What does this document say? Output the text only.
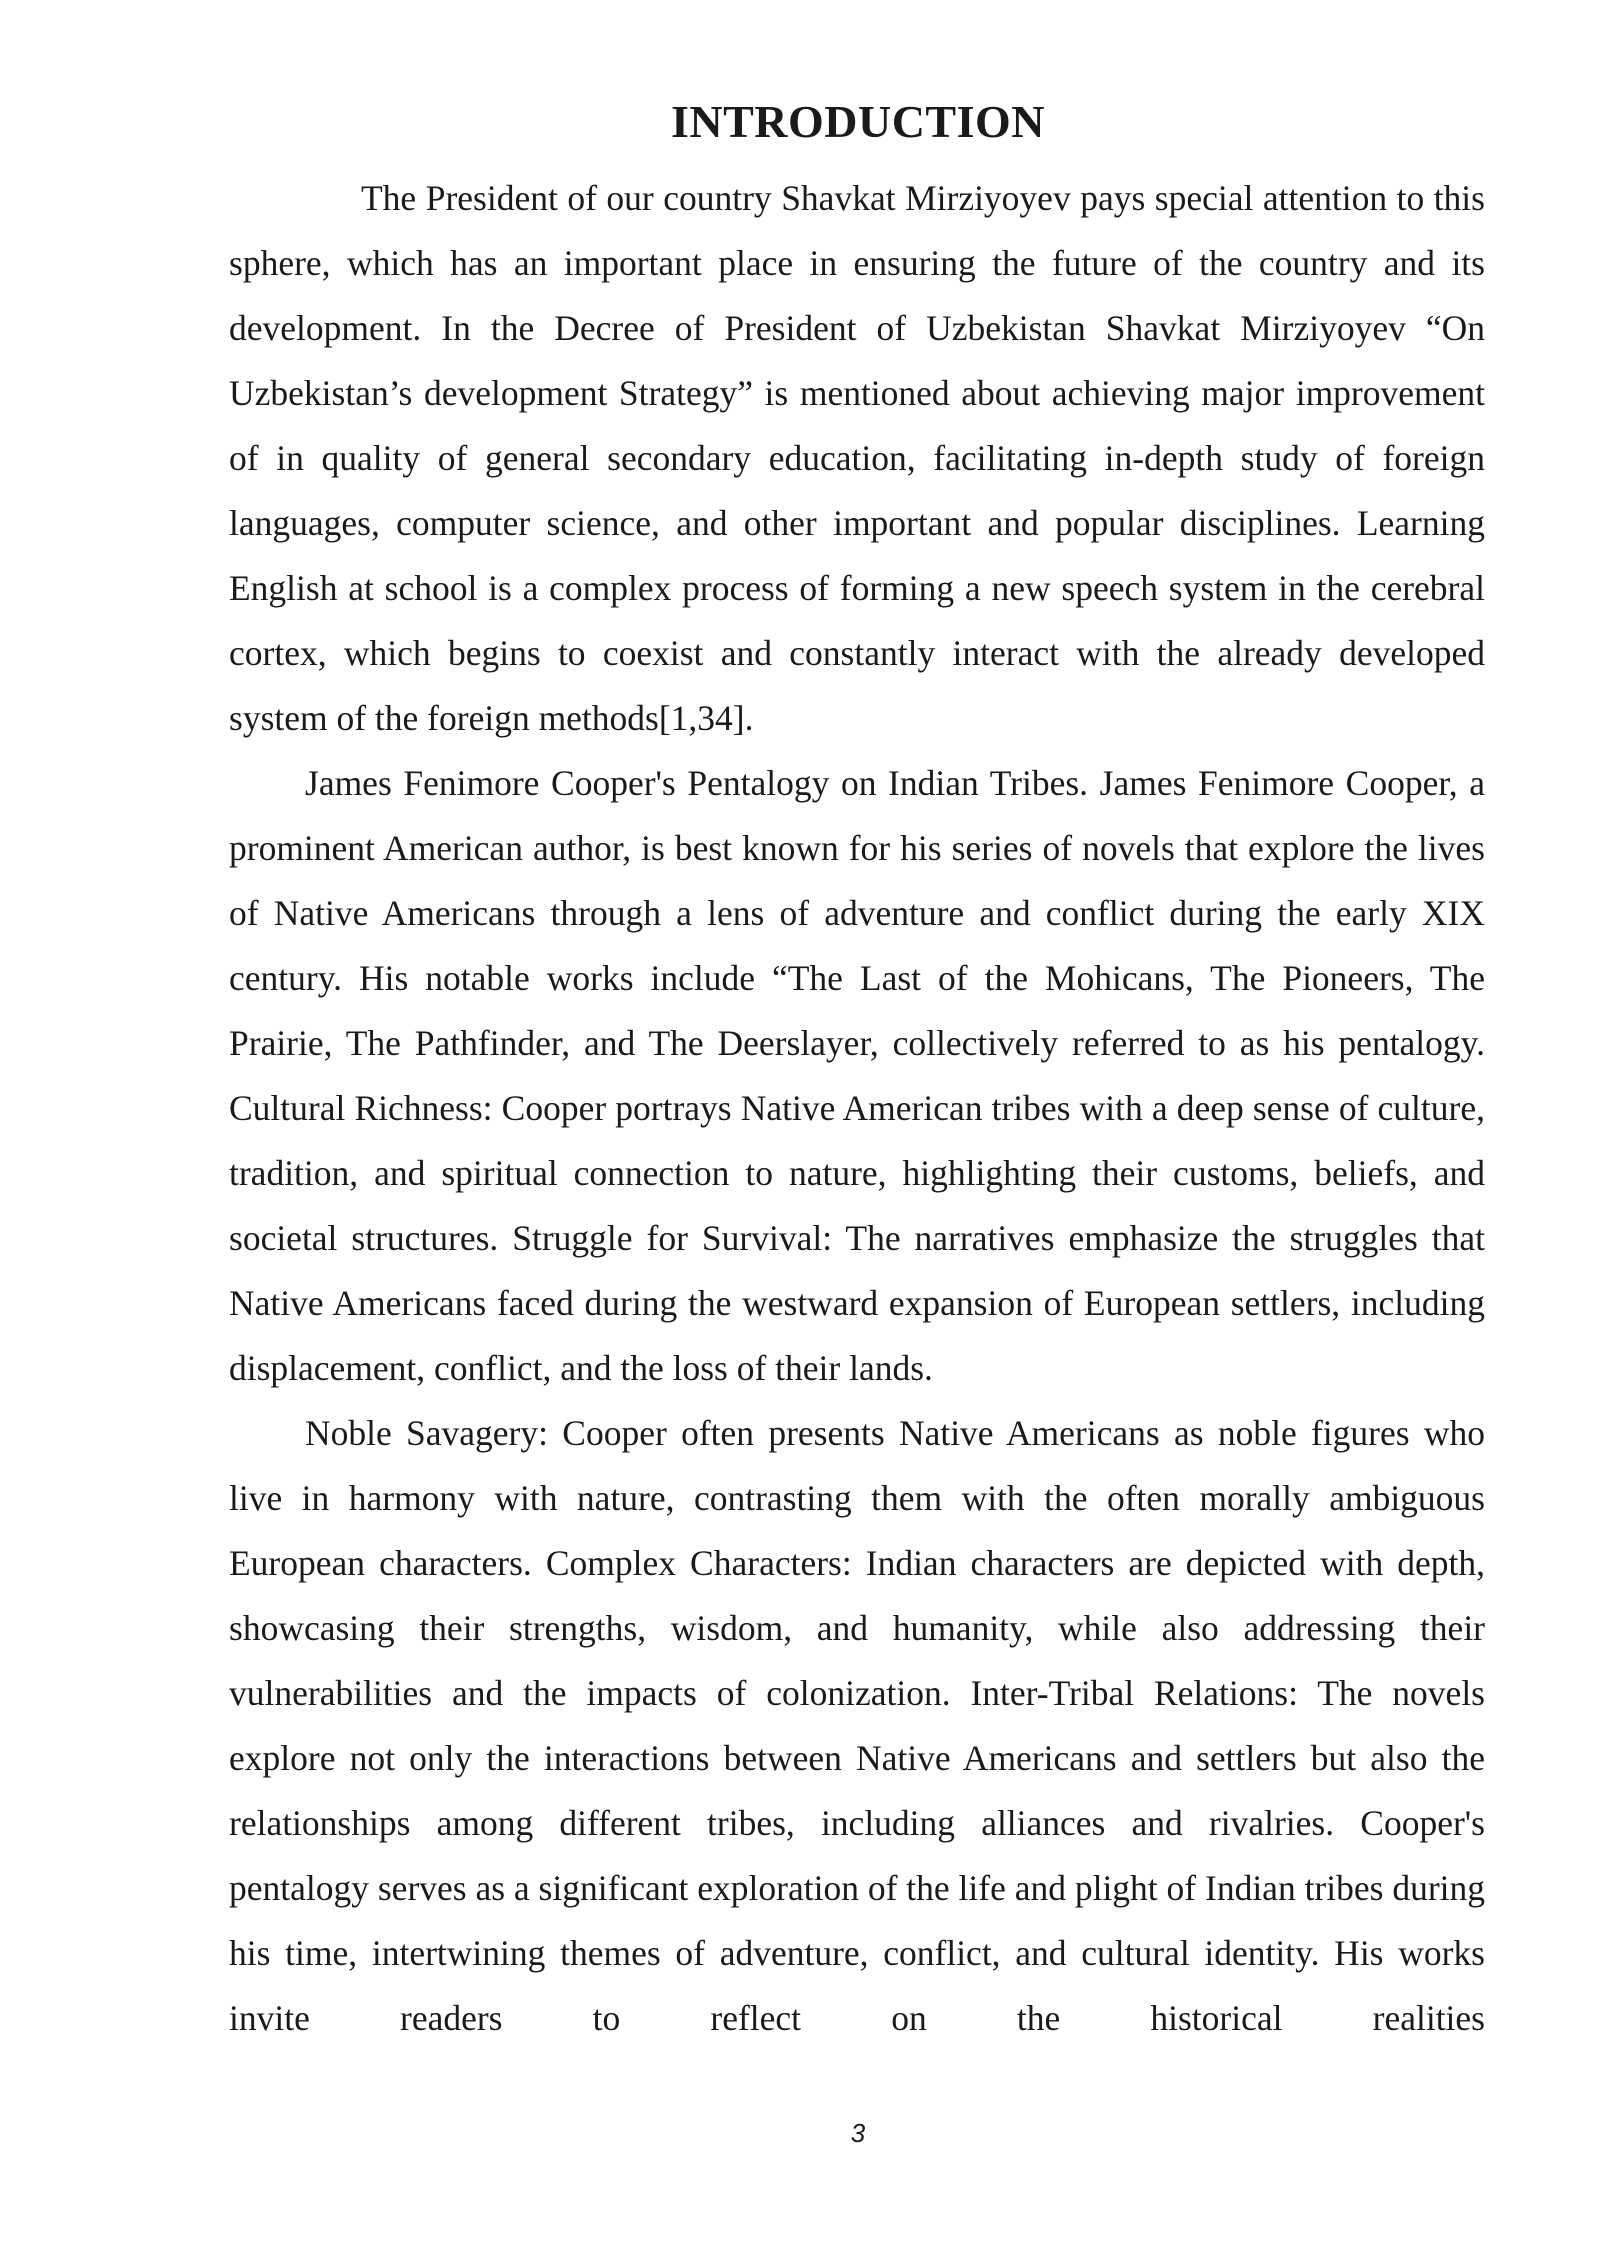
INTRODUCTION

The President of our country Shavkat Mirziyoyev pays special attention to this sphere, which has an important place in ensuring the future of the country and its development. In the Decree of President of Uzbekistan Shavkat Mirziyoyev “On Uzbekistan’s development Strategy” is mentioned about achieving major improvement of in quality of general secondary education, facilitating in-depth study of foreign languages, computer science, and other important and popular disciplines. Learning English at school is a complex process of forming a new speech system in the cerebral cortex, which begins to coexist and constantly interact with the already developed system of the foreign methods[1,34].

James Fenimore Cooper's Pentalogy on Indian Tribes. James Fenimore Cooper, a prominent American author, is best known for his series of novels that explore the lives of Native Americans through a lens of adventure and conflict during the early XIX century. His notable works include “The Last of the Mohicans, The Pioneers, The Prairie, The Pathfinder, and The Deerslayer, collectively referred to as his pentalogy. Cultural Richness: Cooper portrays Native American tribes with a deep sense of culture, tradition, and spiritual connection to nature, highlighting their customs, beliefs, and societal structures. Struggle for Survival: The narratives emphasize the struggles that Native Americans faced during the westward expansion of European settlers, including displacement, conflict, and the loss of their lands.

Noble Savagery: Cooper often presents Native Americans as noble figures who live in harmony with nature, contrasting them with the often morally ambiguous European characters. Complex Characters: Indian characters are depicted with depth, showcasing their strengths, wisdom, and humanity, while also addressing their vulnerabilities and the impacts of colonization. Inter-Tribal Relations: The novels explore not only the interactions between Native Americans and settlers but also the relationships among different tribes, including alliances and rivalries. Cooper's pentalogy serves as a significant exploration of the life and plight of Indian tribes during his time, intertwining themes of adventure, conflict, and cultural identity. His works invite readers to reflect on the historical realities

3
